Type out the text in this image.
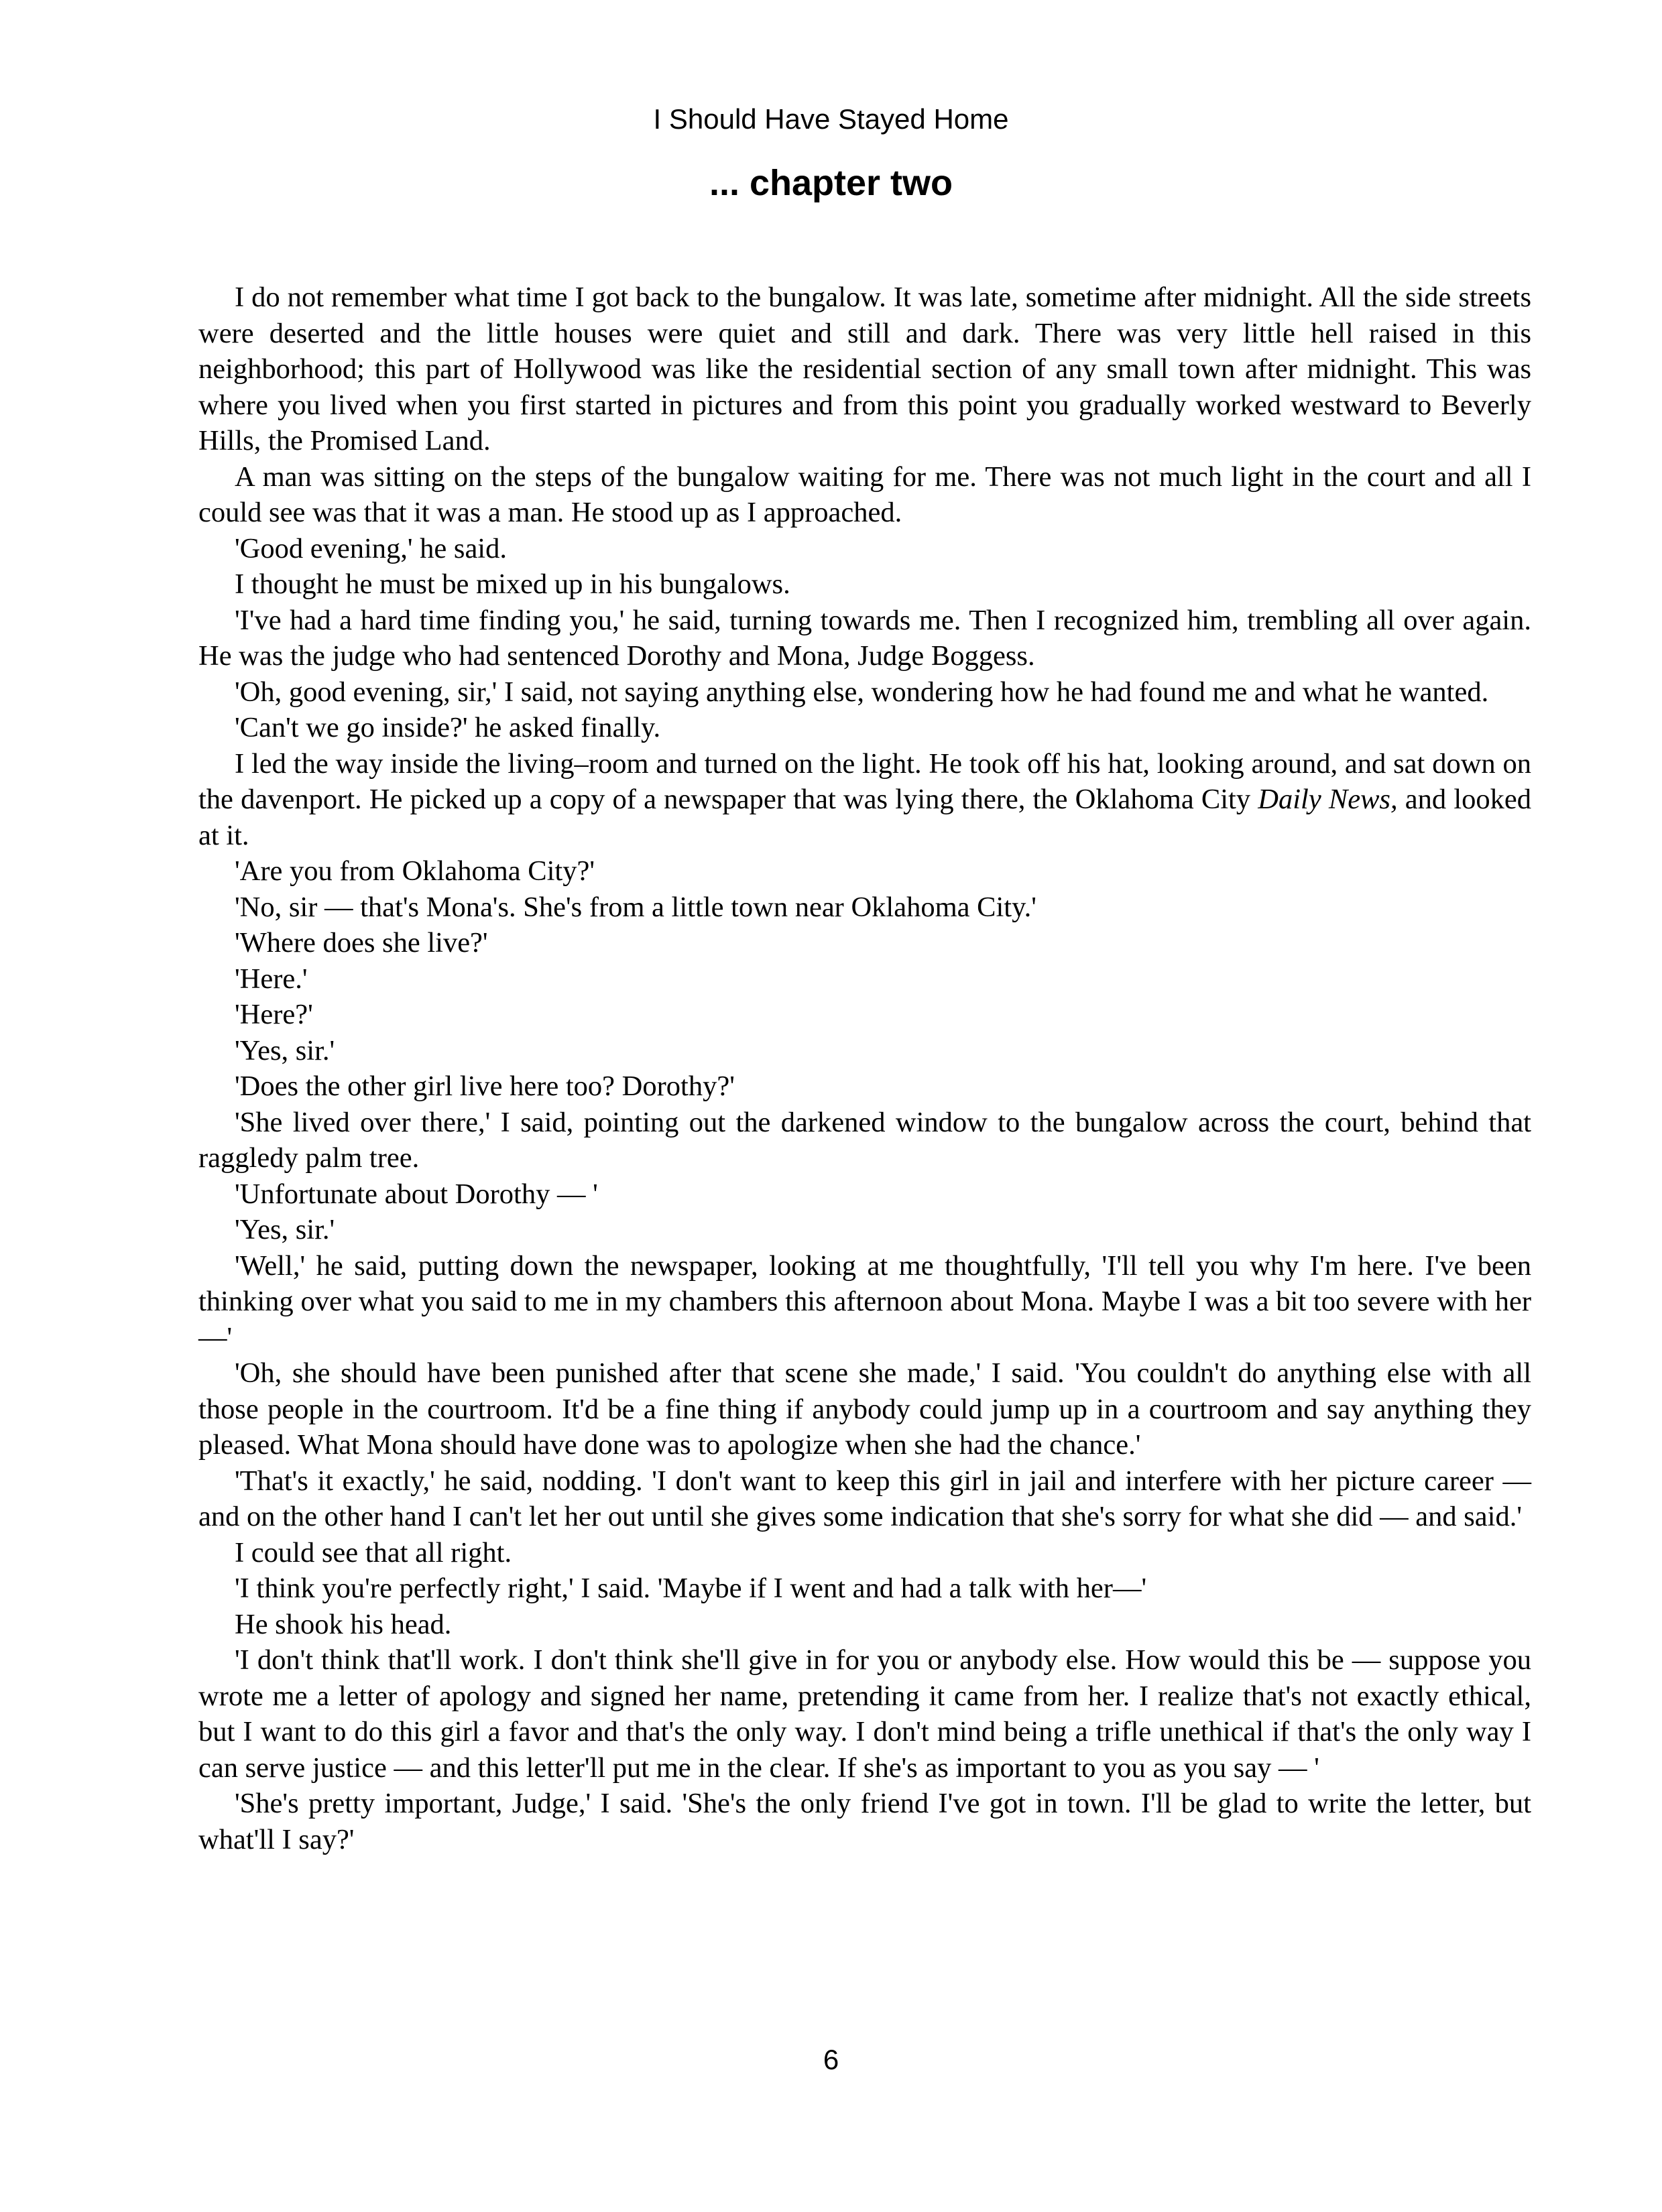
I Should Have Stayed Home
... chapter two

I do not remember what time I got back to the bungalow. It was late, sometime after midnight. All the side streets were deserted and the little houses were quiet and still and dark. There was very little hell raised in this neighborhood; this part of Hollywood was like the residential section of any small town after midnight. This was where you lived when you first started in pictures and from this point you gradually worked westward to Beverly Hills, the Promised Land.

A man was sitting on the steps of the bungalow waiting for me. There was not much light in the court and all I could see was that it was a man. He stood up as I approached.

'Good evening,' he said.

I thought he must be mixed up in his bungalows.

'I've had a hard time finding you,' he said, turning towards me. Then I recognized him, trembling all over again. He was the judge who had sentenced Dorothy and Mona, Judge Boggess.

'Oh, good evening, sir,' I said, not saying anything else, wondering how he had found me and what he wanted.

'Can't we go inside?' he asked finally.

I led the way inside the living–room and turned on the light. He took off his hat, looking around, and sat down on the davenport. He picked up a copy of a newspaper that was lying there, the Oklahoma City Daily News, and looked at it.

'Are you from Oklahoma City?'

'No, sir — that's Mona's. She's from a little town near Oklahoma City.'

'Where does she live?'

'Here.'

'Here?'

'Yes, sir.'

'Does the other girl live here too? Dorothy?'

'She lived over there,' I said, pointing out the darkened window to the bungalow across the court, behind that raggledy palm tree.

'Unfortunate about Dorothy — '

'Yes, sir.'

'Well,' he said, putting down the newspaper, looking at me thoughtfully, 'I'll tell you why I'm here. I've been thinking over what you said to me in my chambers this afternoon about Mona. Maybe I was a bit too severe with her—'

'Oh, she should have been punished after that scene she made,' I said. 'You couldn't do anything else with all those people in the courtroom. It'd be a fine thing if anybody could jump up in a courtroom and say anything they pleased. What Mona should have done was to apologize when she had the chance.'

'That's it exactly,' he said, nodding. 'I don't want to keep this girl in jail and interfere with her picture career — and on the other hand I can't let her out until she gives some indication that she's sorry for what she did — and said.'

I could see that all right.

'I think you're perfectly right,' I said. 'Maybe if I went and had a talk with her—'

He shook his head.

'I don't think that'll work. I don't think she'll give in for you or anybody else. How would this be — suppose you wrote me a letter of apology and signed her name, pretending it came from her. I realize that's not exactly ethical, but I want to do this girl a favor and that's the only way. I don't mind being a trifle unethical if that's the only way I can serve justice — and this letter'll put me in the clear. If she's as important to you as you say — '

'She's pretty important, Judge,' I said. 'She's the only friend I've got in town. I'll be glad to write the letter, but what'll I say?'

6
